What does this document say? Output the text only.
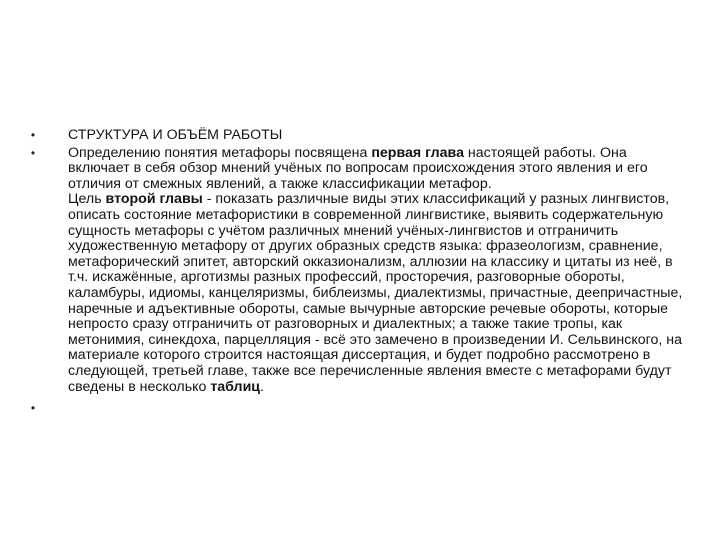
• СТРУКТУРА И ОБЪЁМ РАБОТЫ
• Определению понятия метафоры посвящена первая глава настоящей работы. Она включает в себя обзор мнений учёных по вопросам происхождения этого явления и его отличия от смежных явлений, а также классификации метафор.
Цель второй главы - показать различные виды этих классификаций у разных лингвистов, описать состояние метафористики в современной лингвистике, выявить содержательную сущность метафоры с учётом различных мнений учёных-лингвистов и отграничить художественную метафору от других образных средств языка: фразеологизм, сравнение, метафорический эпитет, авторский окказионализм, аллюзии на классику и цитаты из неё, в т.ч. искажённые, арготизмы разных профессий, просторечия, разговорные обороты, каламбуры, идиомы, канцеляризмы, библеизмы, диалектизмы, причастные, деепричастные, наречные и адъективные обороты, самые вычурные авторские речевые обороты, которые непросто сразу отграничить от разговорных и диалектных; а также такие тропы, как метонимия, синекдоха, парцелляция - всё это замечено в произведении И. Сельвинского, на материале которого строится настоящая диссертация, и будет подробно рассмотрено в следующей, третьей главе, также все перечисленные явления вместе с метафорами будут сведены в несколько таблиц.
•
